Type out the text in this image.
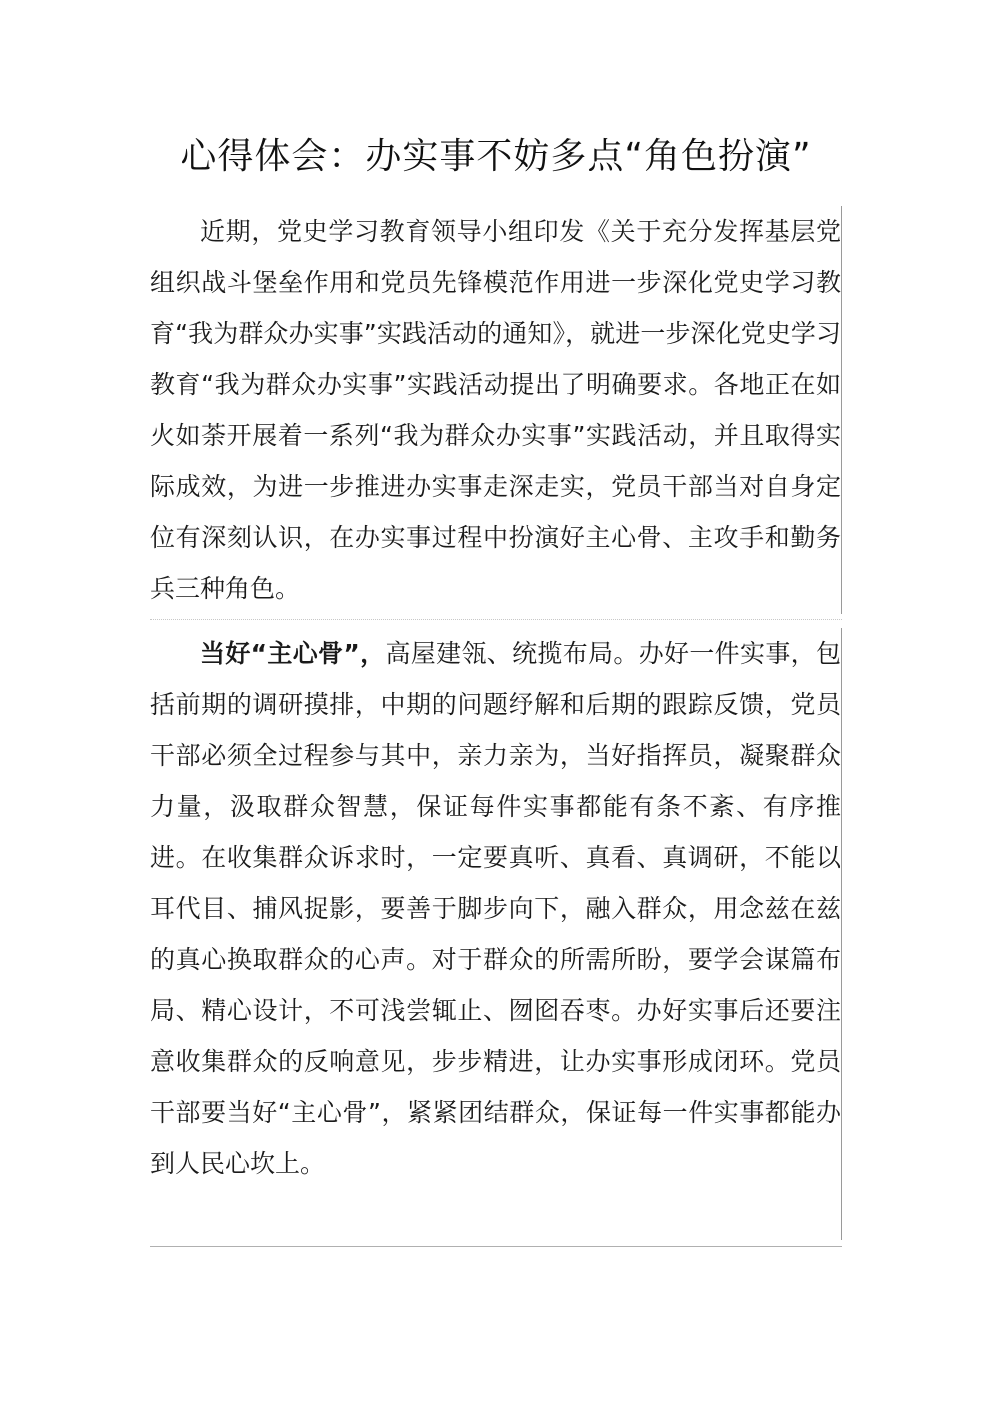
心得体会：办实事不妨多点“角色扮演”

近期，党史学习教育领导小组印发《关于充分发挥基层党组织战斗堡垒作用和党员先锋模范作用进一步深化党史学习教育“我为群众办实事”实践活动的通知》，就进一步深化党史学习教育“我为群众办实事”实践活动提出了明确要求。各地正在如火如荼开展着一系列“我为群众办实事”实践活动，并且取得实际成效，为进一步推进办实事走深走实，党员干部当对自身定位有深刻认识，在办实事过程中扮演好主心骨、主攻手和勤务兵三种角色。

当好“主心骨”，高屋建瓴、统揽布局。办好一件实事，包括前期的调研摸排，中期的问题纾解和后期的跟踪反馈，党员干部必须全过程参与其中，亲力亲为，当好指挥员，凝聚群众力量，汲取群众智慧，保证每件实事都能有条不紊、有序推进。在收集群众诉求时，一定要真听、真看、真调研，不能以耳代目、捕风捉影，要善于脚步向下，融入群众，用念兹在兹的真心换取群众的心声。对于群众的所需所盼，要学会谋篇布局、精心设计，不可浅尝辄止、囫囵吞枣。办好实事后还要注意收集群众的反响意见，步步精进，让办实事形成闭环。党员干部要当好“主心骨”，紧紧团结群众，保证每一件实事都能办到人民心坎上。
